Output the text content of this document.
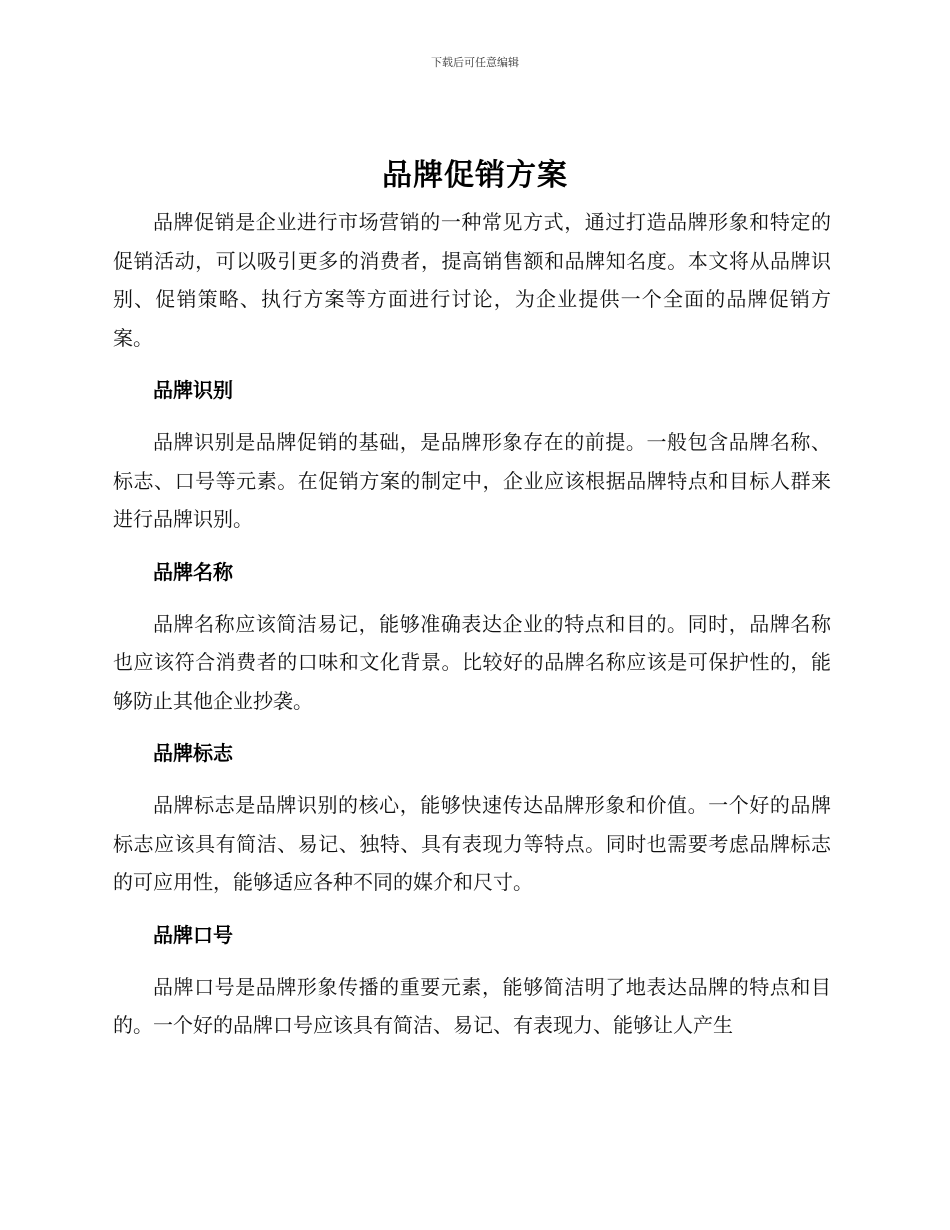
下载后可任意编辑
品牌促销方案

品牌促销是企业进行市场营销的一种常见方式，通过打造品牌形象和特定的促销活动，可以吸引更多的消费者，提高销售额和品牌知名度。本文将从品牌识别、促销策略、执行方案等方面进行讨论，为企业提供一个全面的品牌促销方案。

品牌识别

品牌识别是品牌促销的基础，是品牌形象存在的前提。一般包含品牌名称、标志、口号等元素。在促销方案的制定中，企业应该根据品牌特点和目标人群来进行品牌识别。

品牌名称

品牌名称应该简洁易记，能够准确表达企业的特点和目的。同时，品牌名称也应该符合消费者的口味和文化背景。比较好的品牌名称应该是可保护性的，能够防止其他企业抄袭。

品牌标志

品牌标志是品牌识别的核心，能够快速传达品牌形象和价值。一个好的品牌标志应该具有简洁、易记、独特、具有表现力等特点。同时也需要考虑品牌标志的可应用性，能够适应各种不同的媒介和尺寸。

品牌口号

品牌口号是品牌形象传播的重要元素，能够简洁明了地表达品牌的特点和目的。一个好的品牌口号应该具有简洁、易记、有表现力、能够让人产生
